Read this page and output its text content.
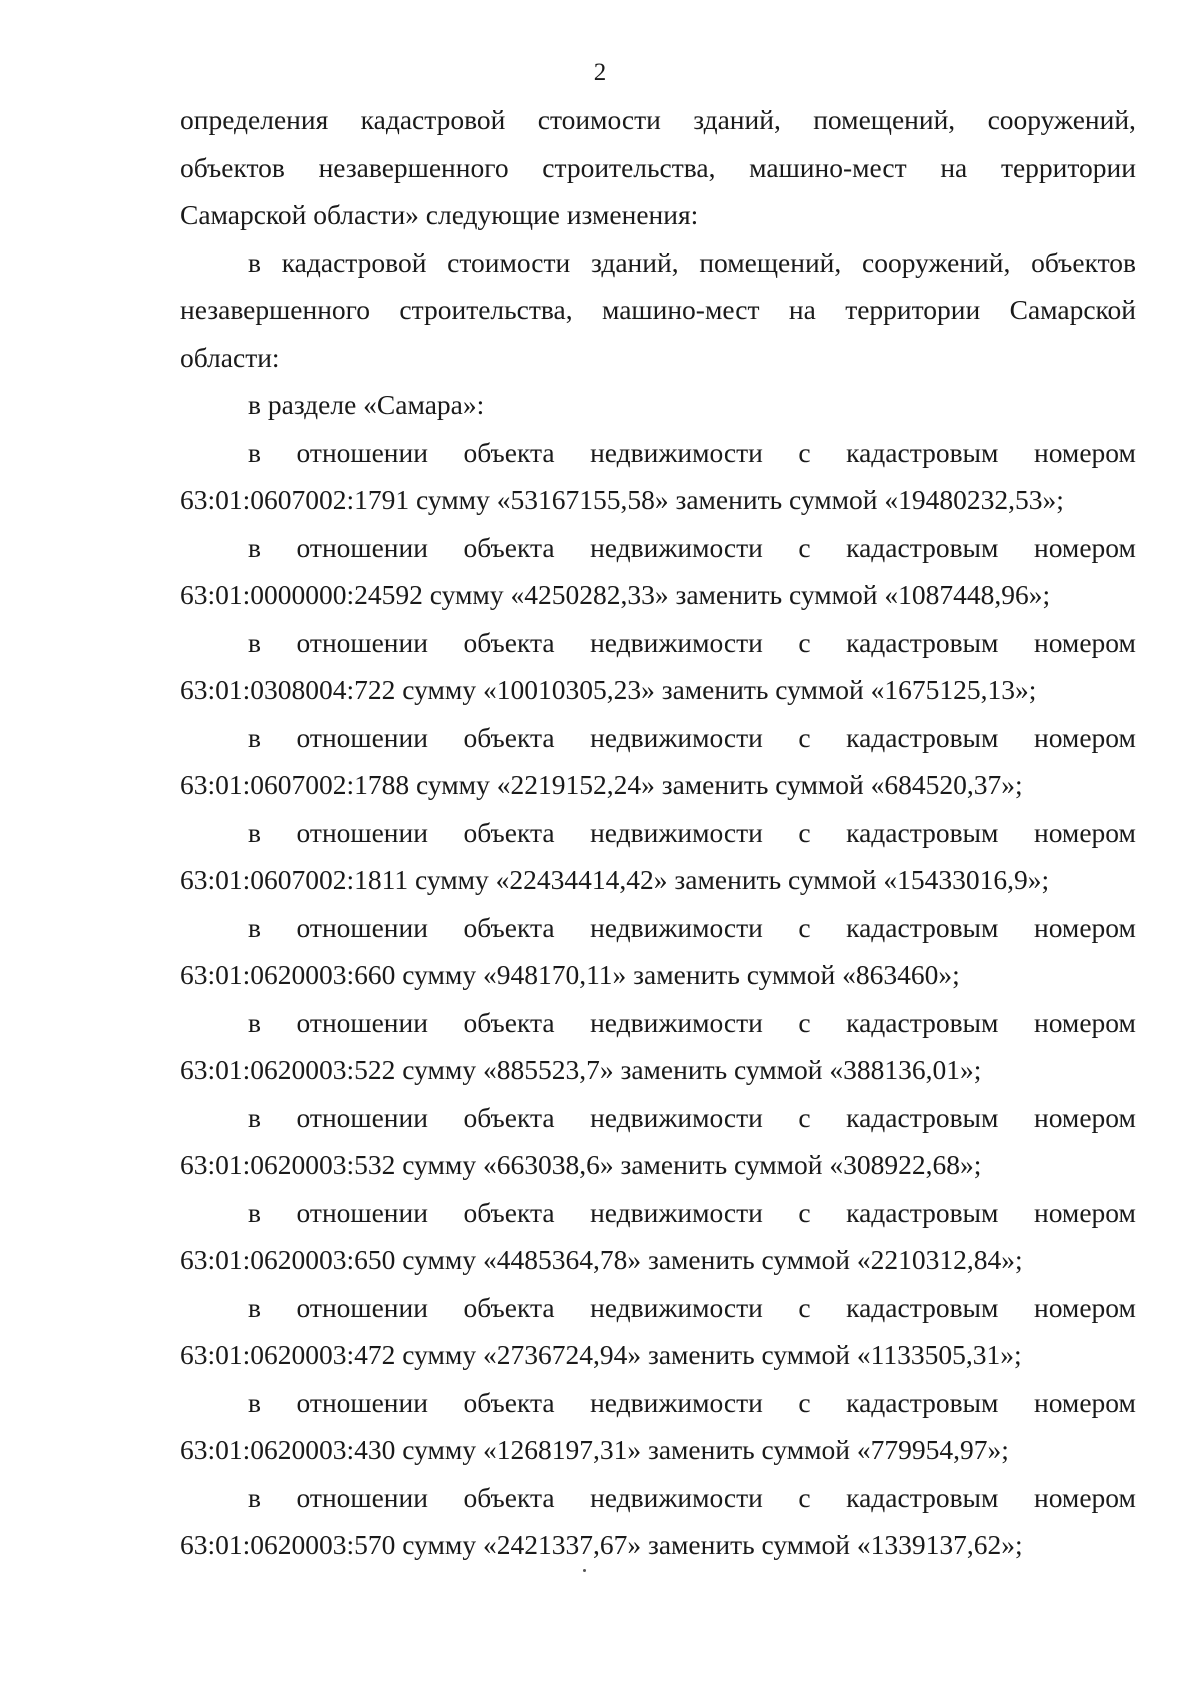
2
определения кадастровой стоимости зданий, помещений, сооружений,
объектов незавершенного строительства, машино-мест на территории
Самарской области» следующие изменения:
в кадастровой стоимости зданий, помещений, сооружений, объектов
незавершенного строительства, машино-мест на территории Самарской
области:
в разделе «Самара»:
в отношении объекта недвижимости с кадастровым номером
63:01:0607002:1791 сумму «53167155,58» заменить суммой «19480232,53»;
в отношении объекта недвижимости с кадастровым номером
63:01:0000000:24592 сумму «4250282,33» заменить суммой «1087448,96»;
в отношении объекта недвижимости с кадастровым номером
63:01:0308004:722 сумму «10010305,23» заменить суммой «1675125,13»;
в отношении объекта недвижимости с кадастровым номером
63:01:0607002:1788 сумму «2219152,24» заменить суммой «684520,37»;
в отношении объекта недвижимости с кадастровым номером
63:01:0607002:1811 сумму «22434414,42» заменить суммой «15433016,9»;
в отношении объекта недвижимости с кадастровым номером
63:01:0620003:660 сумму «948170,11» заменить суммой «863460»;
в отношении объекта недвижимости с кадастровым номером
63:01:0620003:522 сумму «885523,7» заменить суммой «388136,01»;
в отношении объекта недвижимости с кадастровым номером
63:01:0620003:532 сумму «663038,6» заменить суммой «308922,68»;
в отношении объекта недвижимости с кадастровым номером
63:01:0620003:650 сумму «4485364,78» заменить суммой «2210312,84»;
в отношении объекта недвижимости с кадастровым номером
63:01:0620003:472 сумму «2736724,94» заменить суммой «1133505,31»;
в отношении объекта недвижимости с кадастровым номером
63:01:0620003:430 сумму «1268197,31» заменить суммой «779954,97»;
в отношении объекта недвижимости с кадастровым номером
63:01:0620003:570 сумму «2421337,67» заменить суммой «1339137,62»;
